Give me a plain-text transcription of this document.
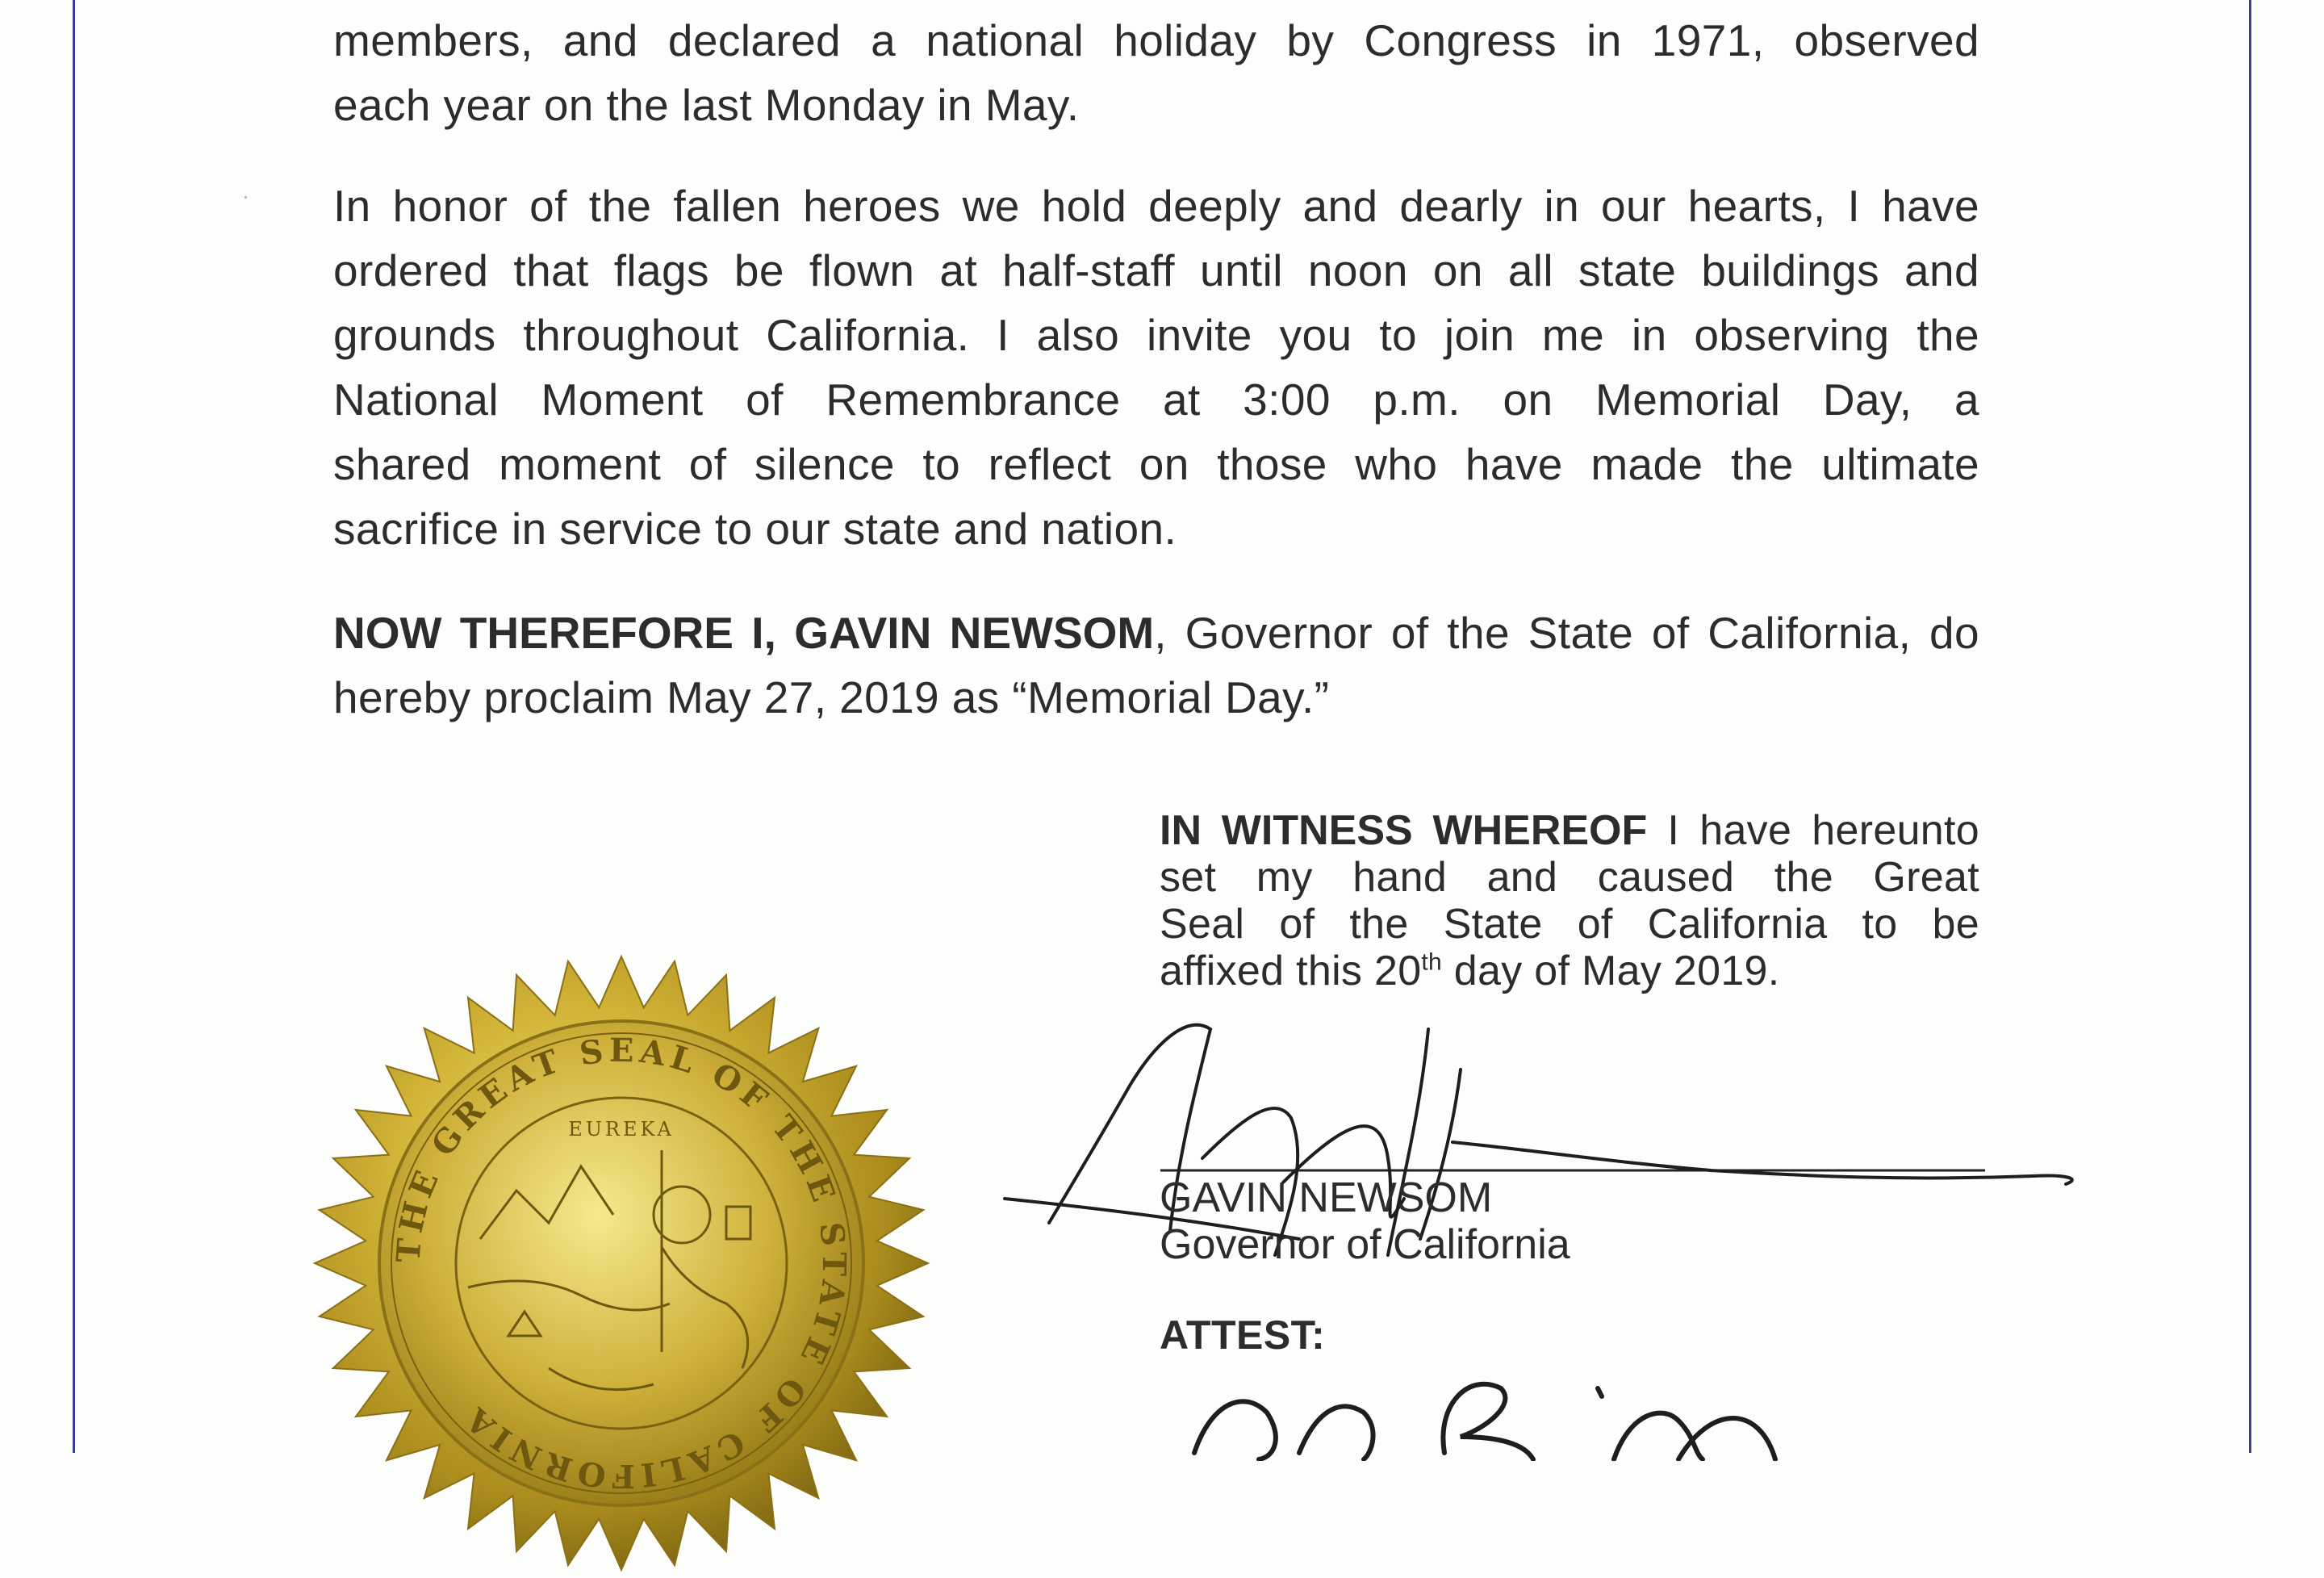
members, and declared a national holiday by Congress in 1971, observed
each year on the last Monday in May.
In honor of the fallen heroes we hold deeply and dearly in our hearts, I have
ordered that flags be flown at half-staff until noon on all state buildings and
grounds throughout California. I also invite you to join me in observing the
National Moment of Remembrance at 3:00 p.m. on Memorial Day, a
shared moment of silence to reflect on those who have made the ultimate
sacrifice in service to our state and nation.
NOW THEREFORE I, GAVIN NEWSOM, Governor of the State of California, do
hereby proclaim May 27, 2019 as “Memorial Day.”
IN WITNESS WHEREOF I have hereunto
set my hand and caused the Great
Seal of the State of California to be
affixed this 20th day of May 2019.
THE GREAT SEAL OF THE STATE OF CALIFORNIA
EUREKA
GAVIN NEWSOM
Governor of California
ATTEST:
